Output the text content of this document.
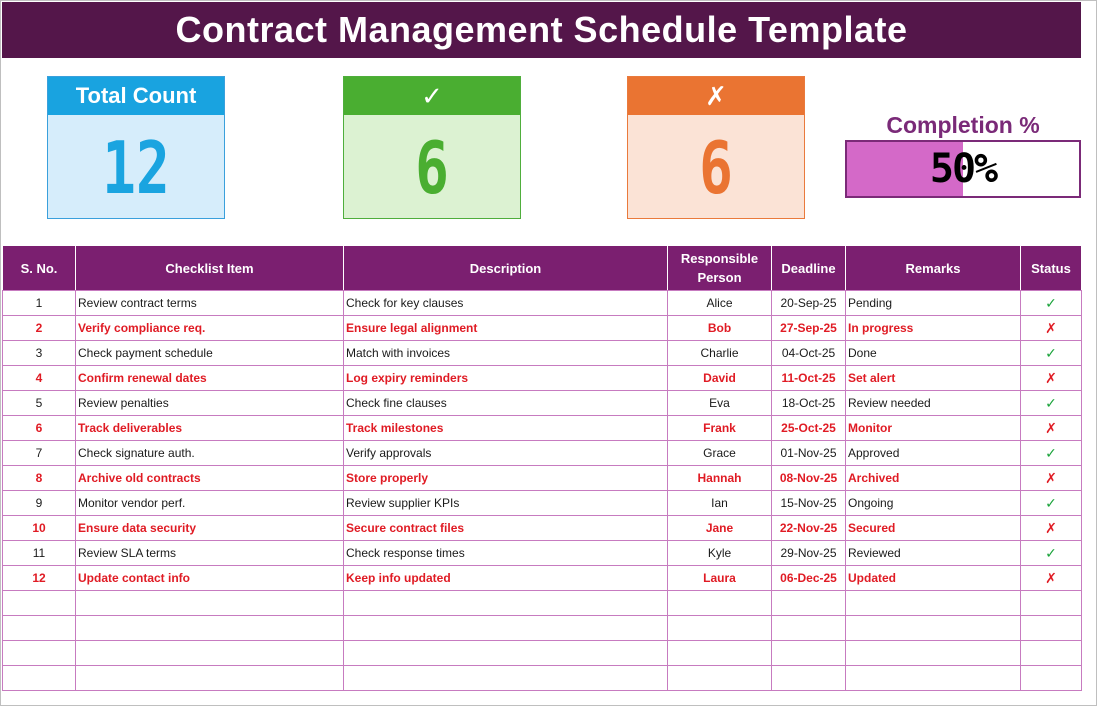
Contract Management Schedule Template
Total Count
12
✓
6
✗
6
Completion %
50%
S. No.	Checklist Item	Description	Responsible Person	Deadline	Remarks	Status
1	Review contract terms	Check for key clauses	Alice	20-Sep-25	Pending	✓
2	Verify compliance req.	Ensure legal alignment	Bob	27-Sep-25	In progress	✗
3	Check payment schedule	Match with invoices	Charlie	04-Oct-25	Done	✓
4	Confirm renewal dates	Log expiry reminders	David	11-Oct-25	Set alert	✗
5	Review penalties	Check fine clauses	Eva	18-Oct-25	Review needed	✓
6	Track deliverables	Track milestones	Frank	25-Oct-25	Monitor	✗
7	Check signature auth.	Verify approvals	Grace	01-Nov-25	Approved	✓
8	Archive old contracts	Store properly	Hannah	08-Nov-25	Archived	✗
9	Monitor vendor perf.	Review supplier KPIs	Ian	15-Nov-25	Ongoing	✓
10	Ensure data security	Secure contract files	Jane	22-Nov-25	Secured	✗
11	Review SLA terms	Check response times	Kyle	29-Nov-25	Reviewed	✓
12	Update contact info	Keep info updated	Laura	06-Dec-25	Updated	✗
